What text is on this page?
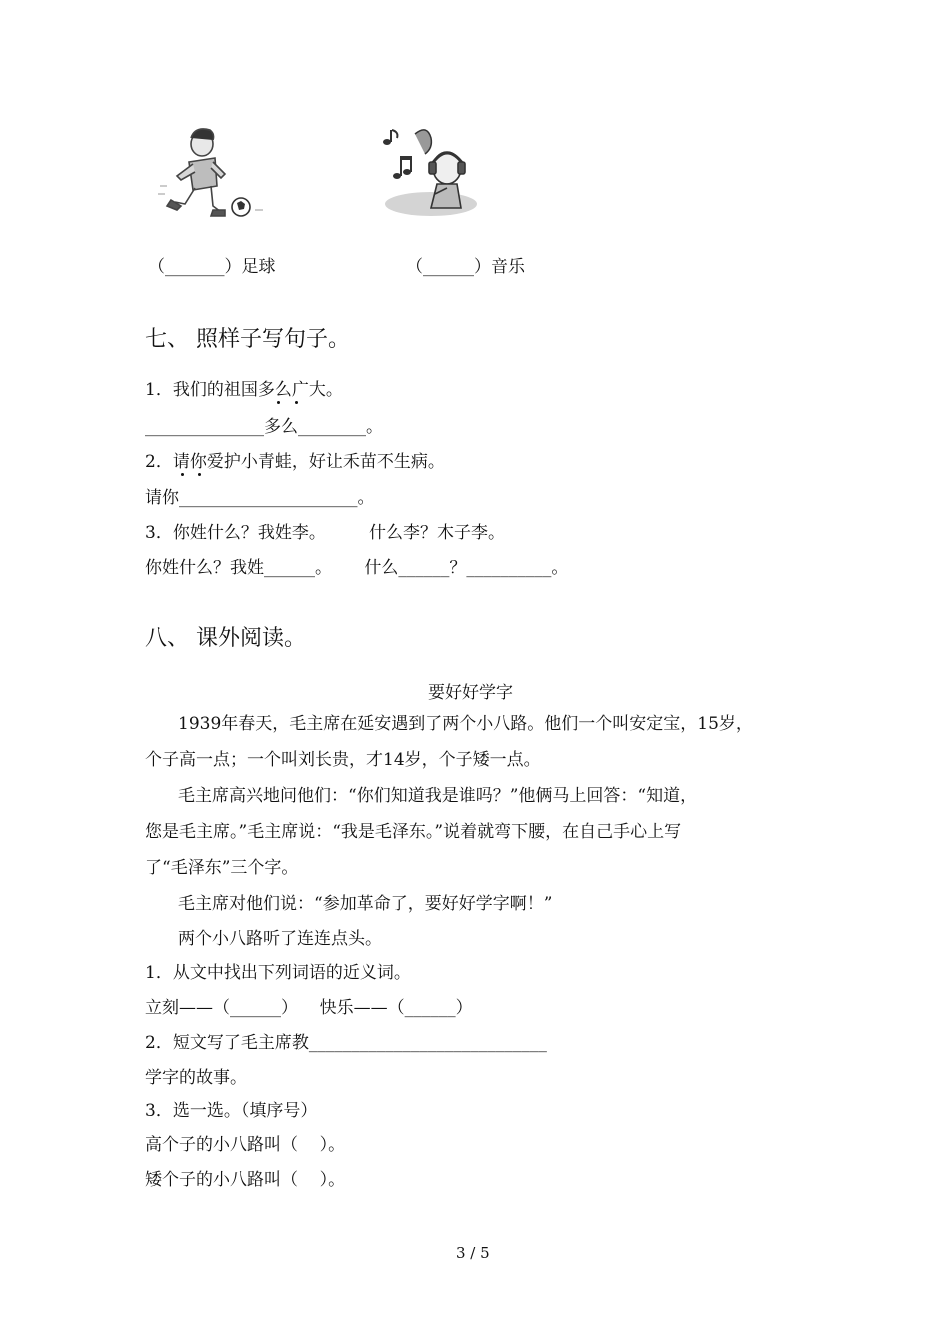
（_______）足球	（______）音乐
七、 照样子写句子。
1．我们的祖国多么广大。
______________多么________。
2．请你爱护小青蛙，好让禾苗不生病。
请你_____________________。
3．你姓什么？我姓李。        什么李？木子李。
你姓什么？我姓______。      什么______？__________。
八、 课外阅读。
要好好学字
1939年春天，毛主席在延安遇到了两个小八路。他们一个叫安定宝，15岁，
个子高一点；一个叫刘长贵，才14岁，个子矮一点。
毛主席高兴地问他们：“你们知道我是谁吗？”他俩马上回答：“知道，
您是毛主席。”毛主席说：“我是毛泽东。”说着就弯下腰，在自己手心上写
了“毛泽东”三个字。
毛主席对他们说：“参加革命了，要好好学字啊！”
两个小八路听了连连点头。
1．从文中找出下列词语的近义词。
立刻——（______）    快乐——（______）
2．短文写了毛主席教____________________________
学字的故事。
3．选一选。（填序号）
高个子的小八路叫（    ）。
矮个子的小八路叫（    ）。
3 / 5
